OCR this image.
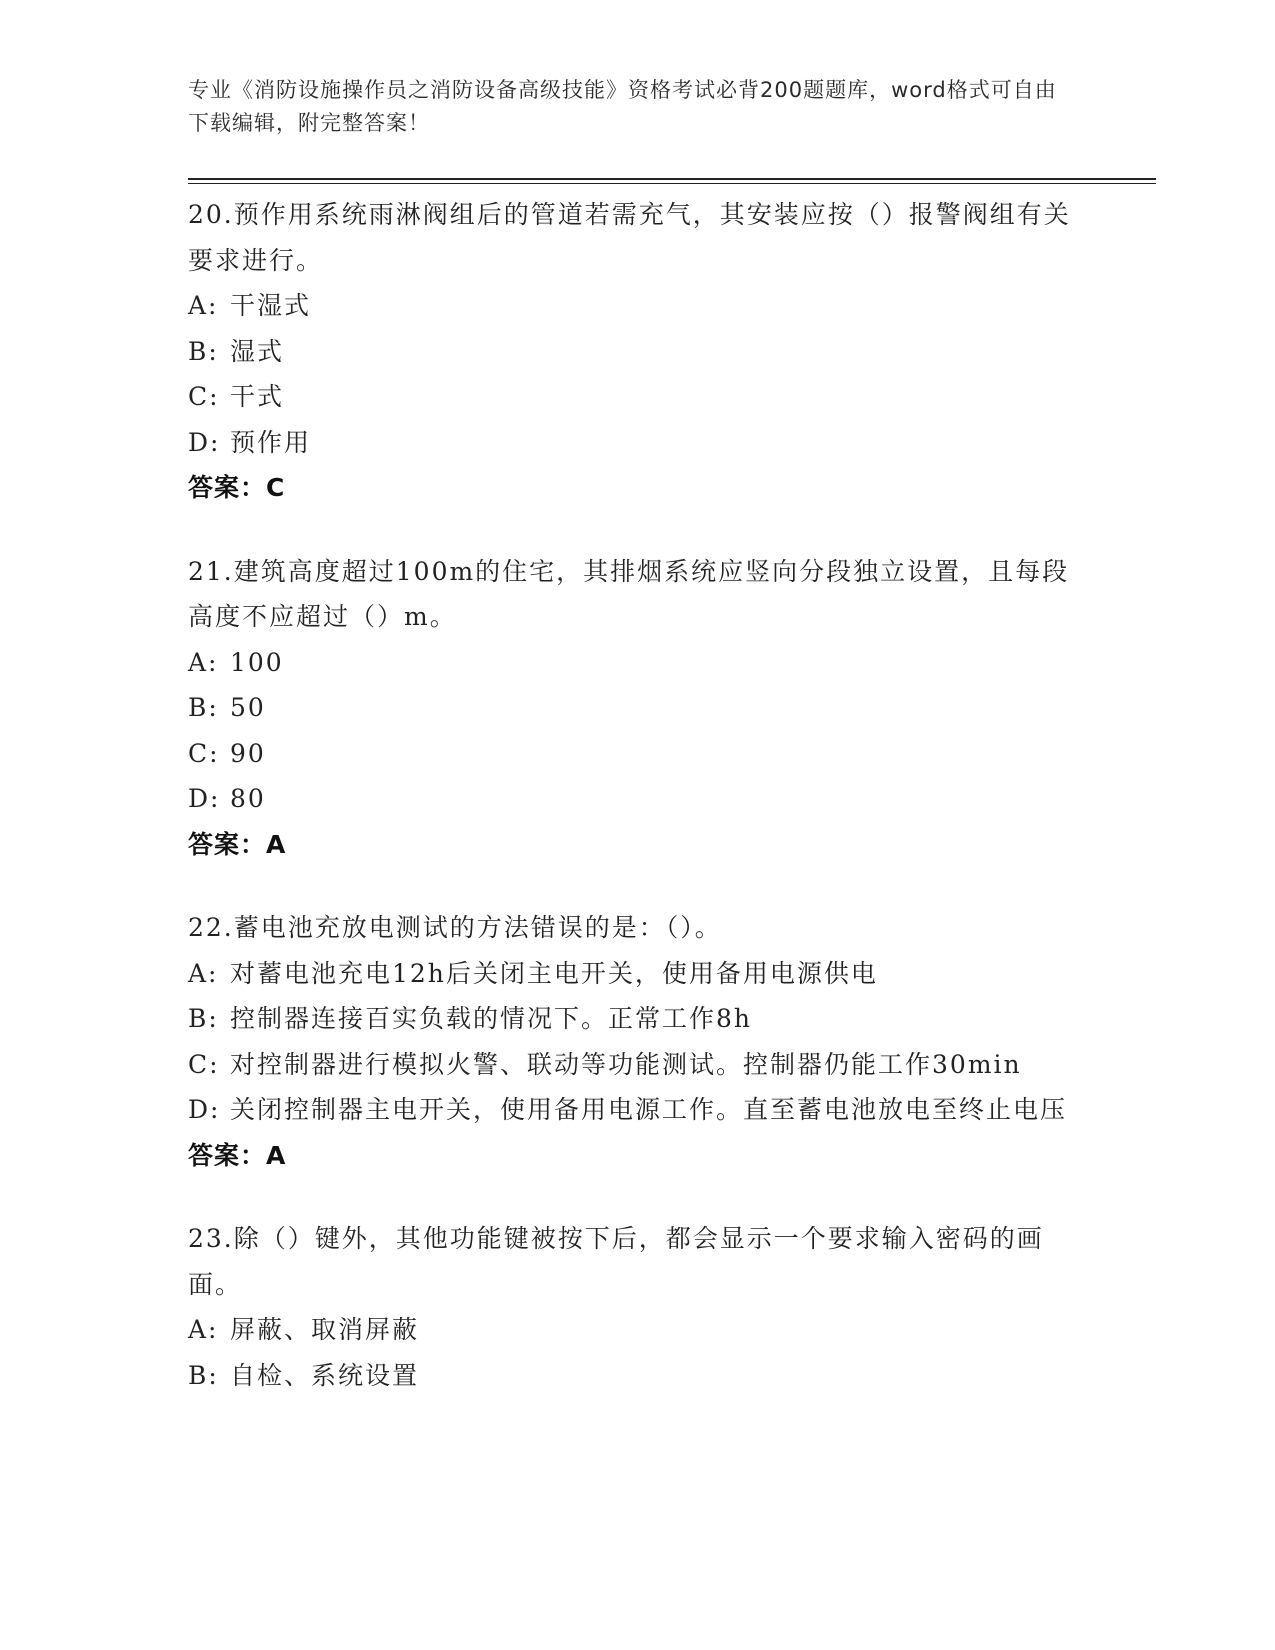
专业《消防设施操作员之消防设备高级技能》资格考试必背200题题库，word格式可自由下载编辑，附完整答案！
20.预作用系统雨淋阀组后的管道若需充气，其安装应按（）报警阀组有关要求进行。
A: 干湿式
B: 湿式
C: 干式
D: 预作用
答案：C
21.建筑高度超过100m的住宅，其排烟系统应竖向分段独立设置，且每段高度不应超过（）m。
A: 100
B: 50
C: 90
D: 80
答案：A
22.蓄电池充放电测试的方法错误的是：（）。
A: 对蓄电池充电12h后关闭主电开关，使用备用电源供电
B: 控制器连接百实负载的情况下。正常工作8h
C: 对控制器进行模拟火警、联动等功能测试。控制器仍能工作30min
D: 关闭控制器主电开关，使用备用电源工作。直至蓄电池放电至终止电压
答案：A
23.除（）键外，其他功能键被按下后，都会显示一个要求输入密码的画面。
A: 屏蔽、取消屏蔽
B: 自检、系统设置
